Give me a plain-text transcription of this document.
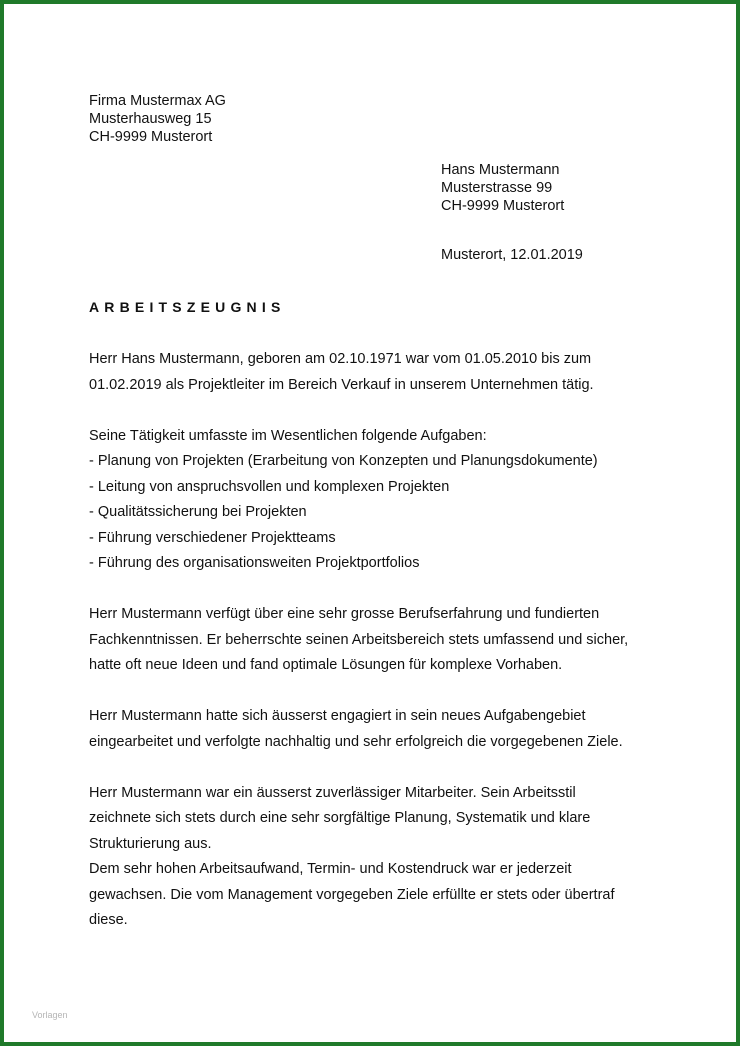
Firma Mustermax AG
Musterhausweg 15
CH-9999 Musterort
Hans Mustermann
Musterstrasse 99
CH-9999 Musterort
Musterort, 12.01.2019
ARBEITSZEUGNIS
Herr Hans Mustermann, geboren am 02.10.1971 war vom 01.05.2010 bis zum
01.02.2019 als Projektleiter im Bereich Verkauf in unserem Unternehmen tätig.
Seine Tätigkeit umfasste im Wesentlichen folgende Aufgaben:
- Planung von Projekten (Erarbeitung von Konzepten und Planungsdokumente)
- Leitung von anspruchsvollen und komplexen Projekten
- Qualitätssicherung bei Projekten
- Führung verschiedener Projektteams
- Führung des organisationsweiten Projektportfolios
Herr Mustermann verfügt über eine sehr grosse Berufserfahrung und fundierten
Fachkenntnissen. Er beherrschte seinen Arbeitsbereich stets umfassend und sicher,
hatte oft neue Ideen und fand optimale Lösungen für komplexe Vorhaben.
Herr Mustermann hatte sich äusserst engagiert in sein neues Aufgabengebiet
eingearbeitet und verfolgte nachhaltig und sehr erfolgreich die vorgegebenen Ziele.
Herr Mustermann war ein äusserst zuverlässiger Mitarbeiter. Sein Arbeitsstil
zeichnete sich stets durch eine sehr sorgfältige Planung, Systematik und klare
Strukturierung aus.
Dem sehr hohen Arbeitsaufwand, Termin- und Kostendruck war er jederzeit
gewachsen. Die vom Management vorgegeben Ziele erfüllte er stets oder übertraf
diese.
Vorlagen
